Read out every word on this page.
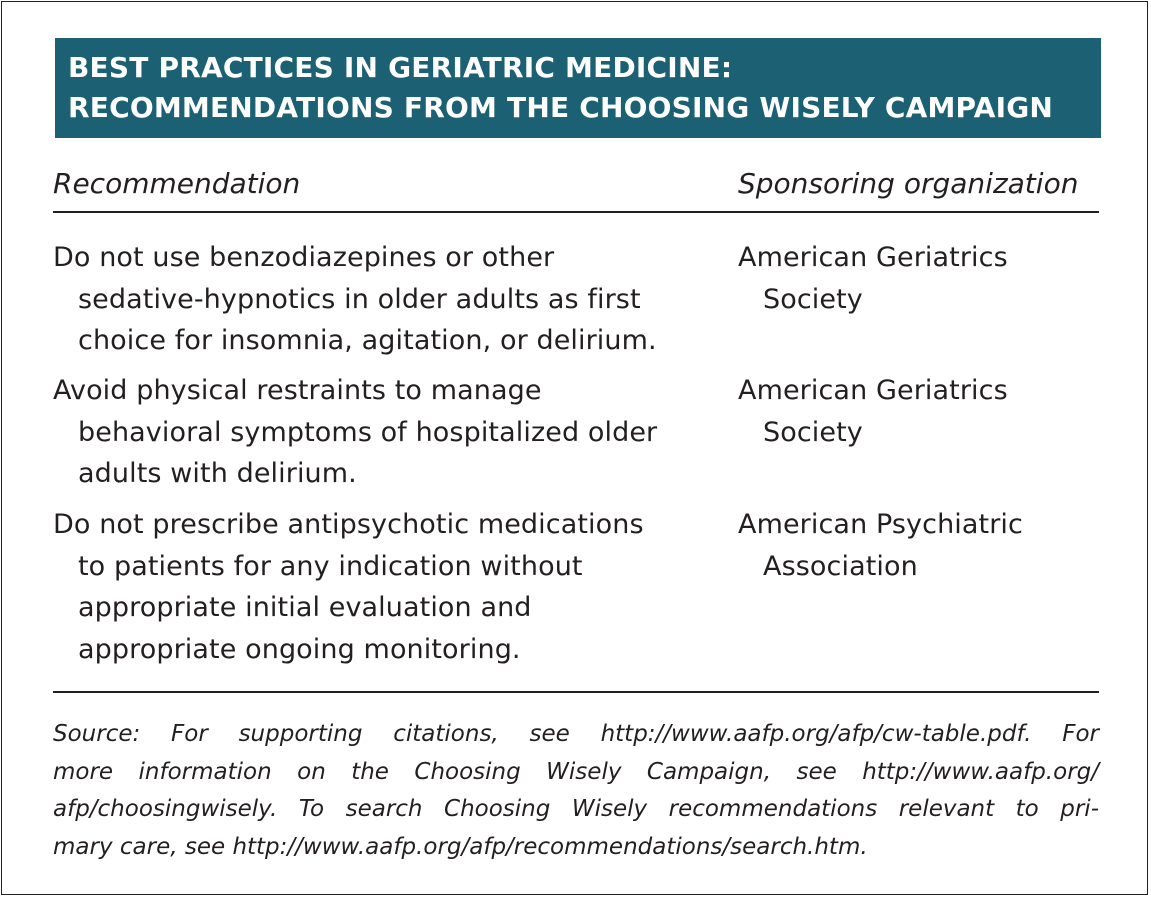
BEST PRACTICES IN GERIATRIC MEDICINE:
RECOMMENDATIONS FROM THE CHOOSING WISELY CAMPAIGN
Recommendation	Sponsoring organization
Do not use benzodiazepines or other
sedative-hypnotics in older adults as first
choice for insomnia, agitation, or delirium.
American Geriatrics
Society
Avoid physical restraints to manage
behavioral symptoms of hospitalized older
adults with delirium.
American Geriatrics
Society
Do not prescribe antipsychotic medications
to patients for any indication without
appropriate initial evaluation and
appropriate ongoing monitoring.
American Psychiatric
Association
Source: For supporting citations, see http://www.aafp.org/afp/cw-table.pdf. For
more information on the Choosing Wisely Campaign, see http://www.aafp.org/
afp/choosingwisely. To search Choosing Wisely recommendations relevant to pri-
mary care, see http://www.aafp.org/afp/recommendations/search.htm.
